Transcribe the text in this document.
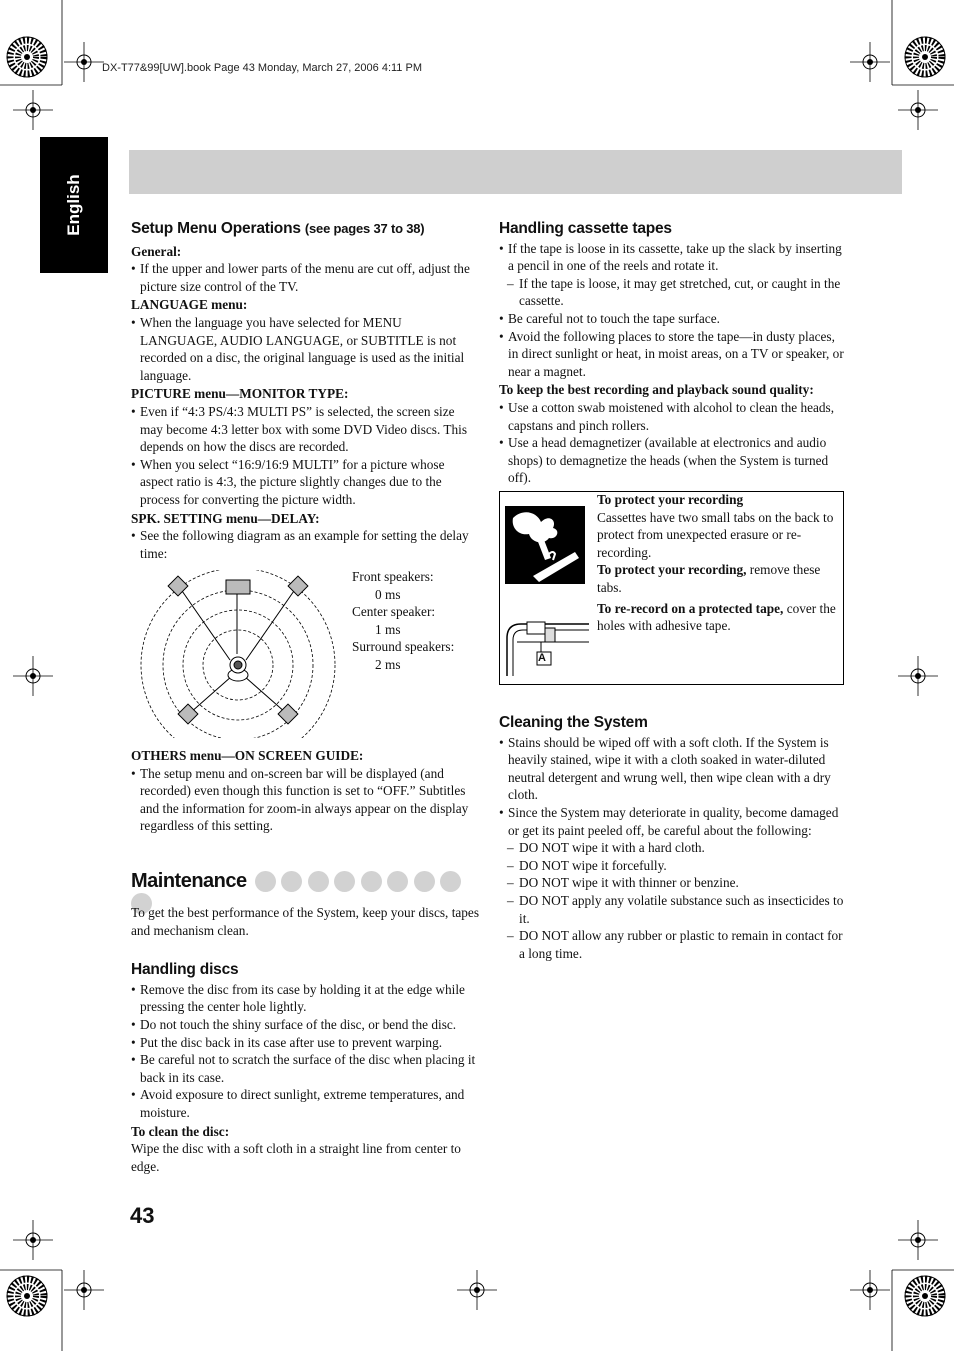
DX-T77&99[UW].book Page 43 Monday, March 27, 2006 4:11 PM
English	Setup Menu Operations (see pages 37 to 38)
General:
• If the upper and lower parts of the menu are cut off, adjust the picture size control of the TV.
LANGUAGE menu:
• When the language you have selected for MENU LANGUAGE, AUDIO LANGUAGE, or SUBTITLE is not recorded on a disc, the original language is used as the initial language.
PICTURE menu—MONITOR TYPE:
• Even if “4:3 PS/4:3 MULTI PS” is selected, the screen size may become 4:3 letter box with some DVD Video discs. This depends on how the discs are recorded.
• When you select “16:9/16:9 MULTI” for a picture whose aspect ratio is 4:3, the picture slightly changes due to the process for converting the picture width.
SPK. SETTING menu—DELAY:
• See the following diagram as an example for setting the delay time:
Front speakers:
0 ms
Center speaker:
1 ms
Surround speakers:
2 ms
OTHERS menu—ON SCREEN GUIDE:
• The setup menu and on-screen bar will be displayed (and recorded) even though this function is set to “OFF.” Subtitles and the information for zoom-in always appear on the display regardless of this setting.
Maintenance
To get the best performance of the System, keep your discs, tapes and mechanism clean.
Handling discs
• Remove the disc from its case by holding it at the edge while pressing the center hole lightly.
• Do not touch the shiny surface of the disc, or bend the disc.
• Put the disc back in its case after use to prevent warping.
• Be careful not to scratch the surface of the disc when placing it back in its case.
• Avoid exposure to direct sunlight, extreme temperatures, and moisture.
To clean the disc:
Wipe the disc with a soft cloth in a straight line from center to edge.
43
Handling cassette tapes
• If the tape is loose in its cassette, take up the slack by inserting a pencil in one of the reels and rotate it.
– If the tape is loose, it may get stretched, cut, or caught in the cassette.
• Be careful not to touch the tape surface.
• Avoid the following places to store the tape—in dusty places, in direct sunlight or heat, in moist areas, on a TV or speaker, or near a magnet.
To keep the best recording and playback sound quality:
• Use a cotton swab moistened with alcohol to clean the heads, capstans and pinch rollers.
• Use a head demagnetizer (available at electronics and audio shops) to demagnetize the heads (when the System is turned off).
A
To protect your recording
Cassettes have two small tabs on the back to protect from unexpected erasure or re-recording.
To protect your recording, remove these tabs.
To re-record on a protected tape, cover the holes with adhesive tape.
Cleaning the System
• Stains should be wiped off with a soft cloth. If the System is heavily stained, wipe it with a cloth soaked in water-diluted neutral detergent and wrung well, then wipe clean with a dry cloth.
• Since the System may deteriorate in quality, become damaged or get its paint peeled off, be careful about the following:
– DO NOT wipe it with a hard cloth.
– DO NOT wipe it forcefully.
– DO NOT wipe it with thinner or benzine.
– DO NOT apply any volatile substance such as insecticides to it.
– DO NOT allow any rubber or plastic to remain in contact for a long time.
